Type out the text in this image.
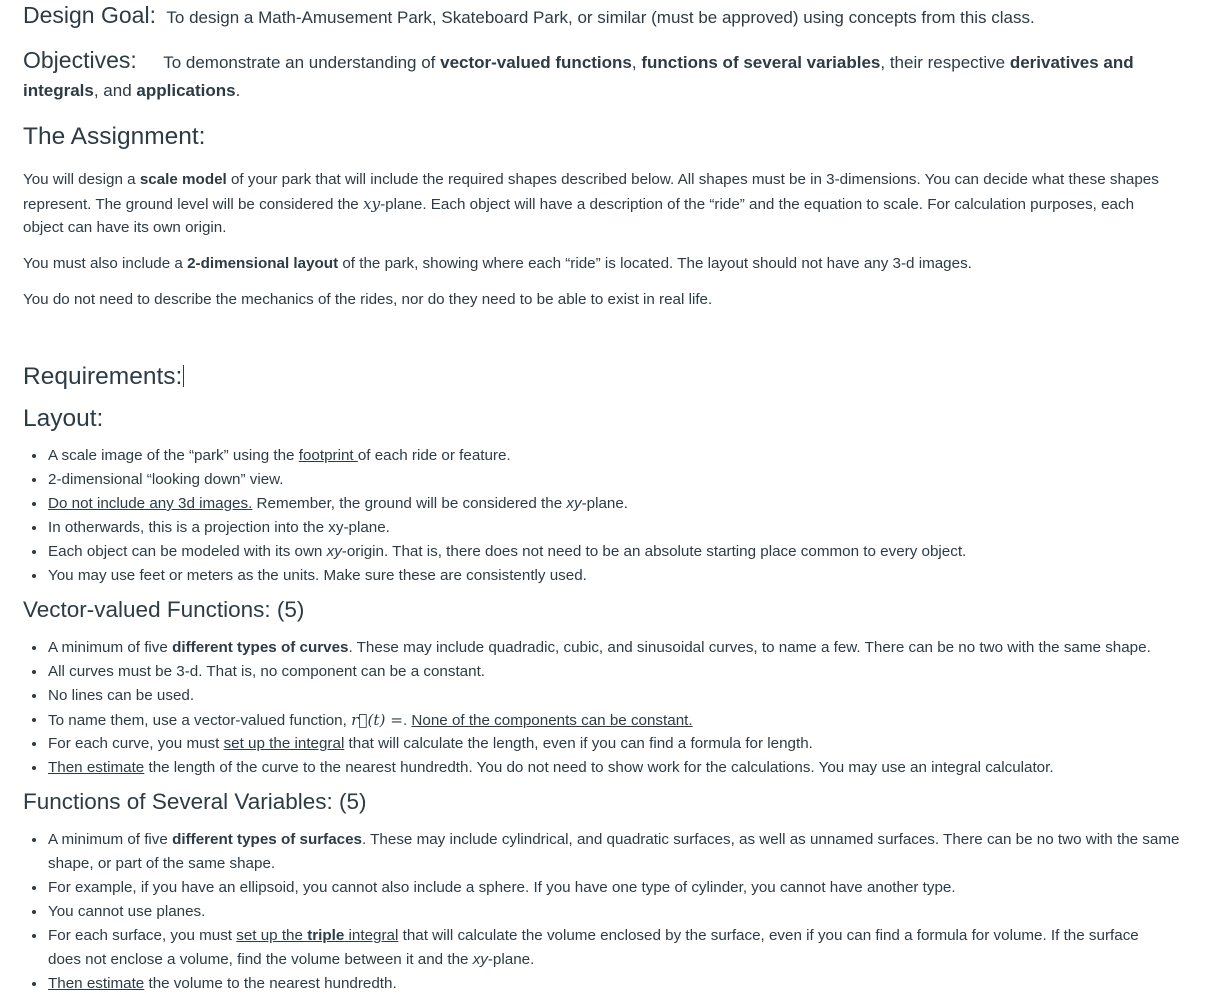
Design Goal: To design a Math-Amusement Park, Skateboard Park, or similar (must be approved) using concepts from this class.
Objectives: To demonstrate an understanding of vector-valued functions, functions of several variables, their respective derivatives and
integrals, and applications.
The Assignment:
You will design a scale model of your park that will include the required shapes described below. All shapes must be in 3-dimensions. You can decide what these shapes
represent. The ground level will be considered the xy-plane. Each object will have a description of the “ride” and the equation to scale. For calculation purposes, each
object can have its own origin.
You must also include a 2-dimensional layout of the park, showing where each “ride” is located. The layout should not have any 3-d images.
You do not need to describe the mechanics of the rides, nor do they need to be able to exist in real life.
Requirements:
Layout:
A scale image of the “park” using the footprint of each ride or feature.
2-dimensional “looking down” view.
Do not include any 3d images. Remember, the ground will be considered the xy-plane.
In otherwards, this is a projection into the xy-plane.
Each object can be modeled with its own xy-origin. That is, there does not need to be an absolute starting place common to every object.
You may use feet or meters as the units. Make sure these are consistently used.
Vector-valued Functions: (5)
A minimum of five different types of curves. These may include quadradic, cubic, and sinusoidal curves, to name a few. There can be no two with the same shape.
All curves must be 3-d. That is, no component can be a constant.
No lines can be used.
To name them, use a vector-valued function, r⃗(t) =. None of the components can be constant.
For each curve, you must set up the integral that will calculate the length, even if you can find a formula for length.
Then estimate the length of the curve to the nearest hundredth. You do not need to show work for the calculations. You may use an integral calculator.
Functions of Several Variables: (5)
A minimum of five different types of surfaces. These may include cylindrical, and quadratic surfaces, as well as unnamed surfaces. There can be no two with the same
shape, or part of the same shape.
For example, if you have an ellipsoid, you cannot also include a sphere. If you have one type of cylinder, you cannot have another type.
You cannot use planes.
For each surface, you must set up the triple integral that will calculate the volume enclosed by the surface, even if you can find a formula for volume. If the surface
does not enclose a volume, find the volume between it and the xy-plane.
Then estimate the volume to the nearest hundredth.
